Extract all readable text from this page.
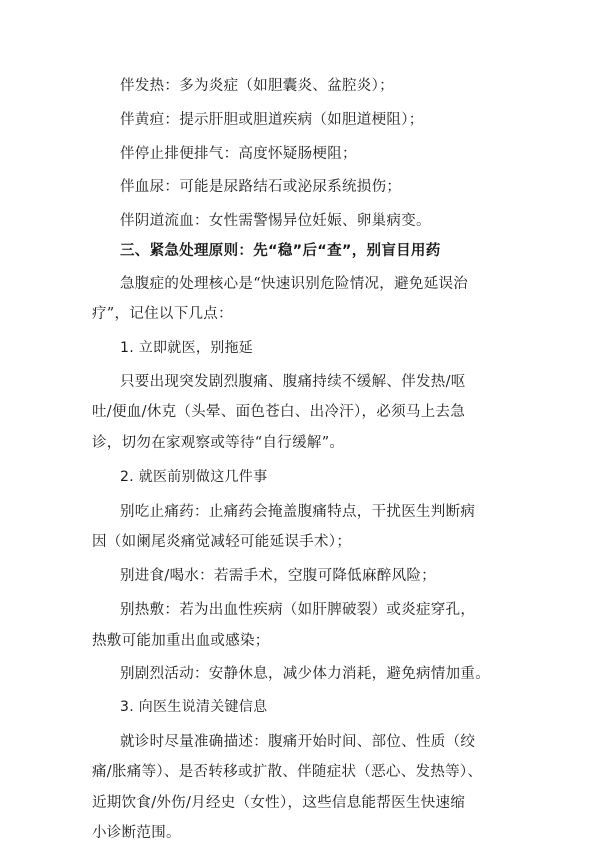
伴发热：多为炎症（如胆囊炎、盆腔炎）；
伴黄疸：提示肝胆或胆道疾病（如胆道梗阻）；
伴停止排便排气：高度怀疑肠梗阻；
伴血尿：可能是尿路结石或泌尿系统损伤；
伴阴道流血：女性需警惕异位妊娠、卵巢病变。
三、紧急处理原则：先“稳”后“查”，别盲目用药
急腹症的处理核心是“快速识别危险情况，避免延误治
疗”，记住以下几点：
1. 立即就医，别拖延
只要出现突发剧烈腹痛、腹痛持续不缓解、伴发热/呕
吐/便血/休克（头晕、面色苍白、出冷汗），必须马上去急
诊，切勿在家观察或等待“自行缓解”。
2. 就医前别做这几件事
别吃止痛药：止痛药会掩盖腹痛特点，干扰医生判断病
因（如阑尾炎痛觉减轻可能延误手术）；
别进食/喝水：若需手术，空腹可降低麻醉风险；
别热敷：若为出血性疾病（如肝脾破裂）或炎症穿孔，
热敷可能加重出血或感染；
别剧烈活动：安静休息，减少体力消耗，避免病情加重。
3. 向医生说清关键信息
就诊时尽量准确描述：腹痛开始时间、部位、性质（绞
痛/胀痛等）、是否转移或扩散、伴随症状（恶心、发热等）、
近期饮食/外伤/月经史（女性），这些信息能帮医生快速缩
小诊断范围。
